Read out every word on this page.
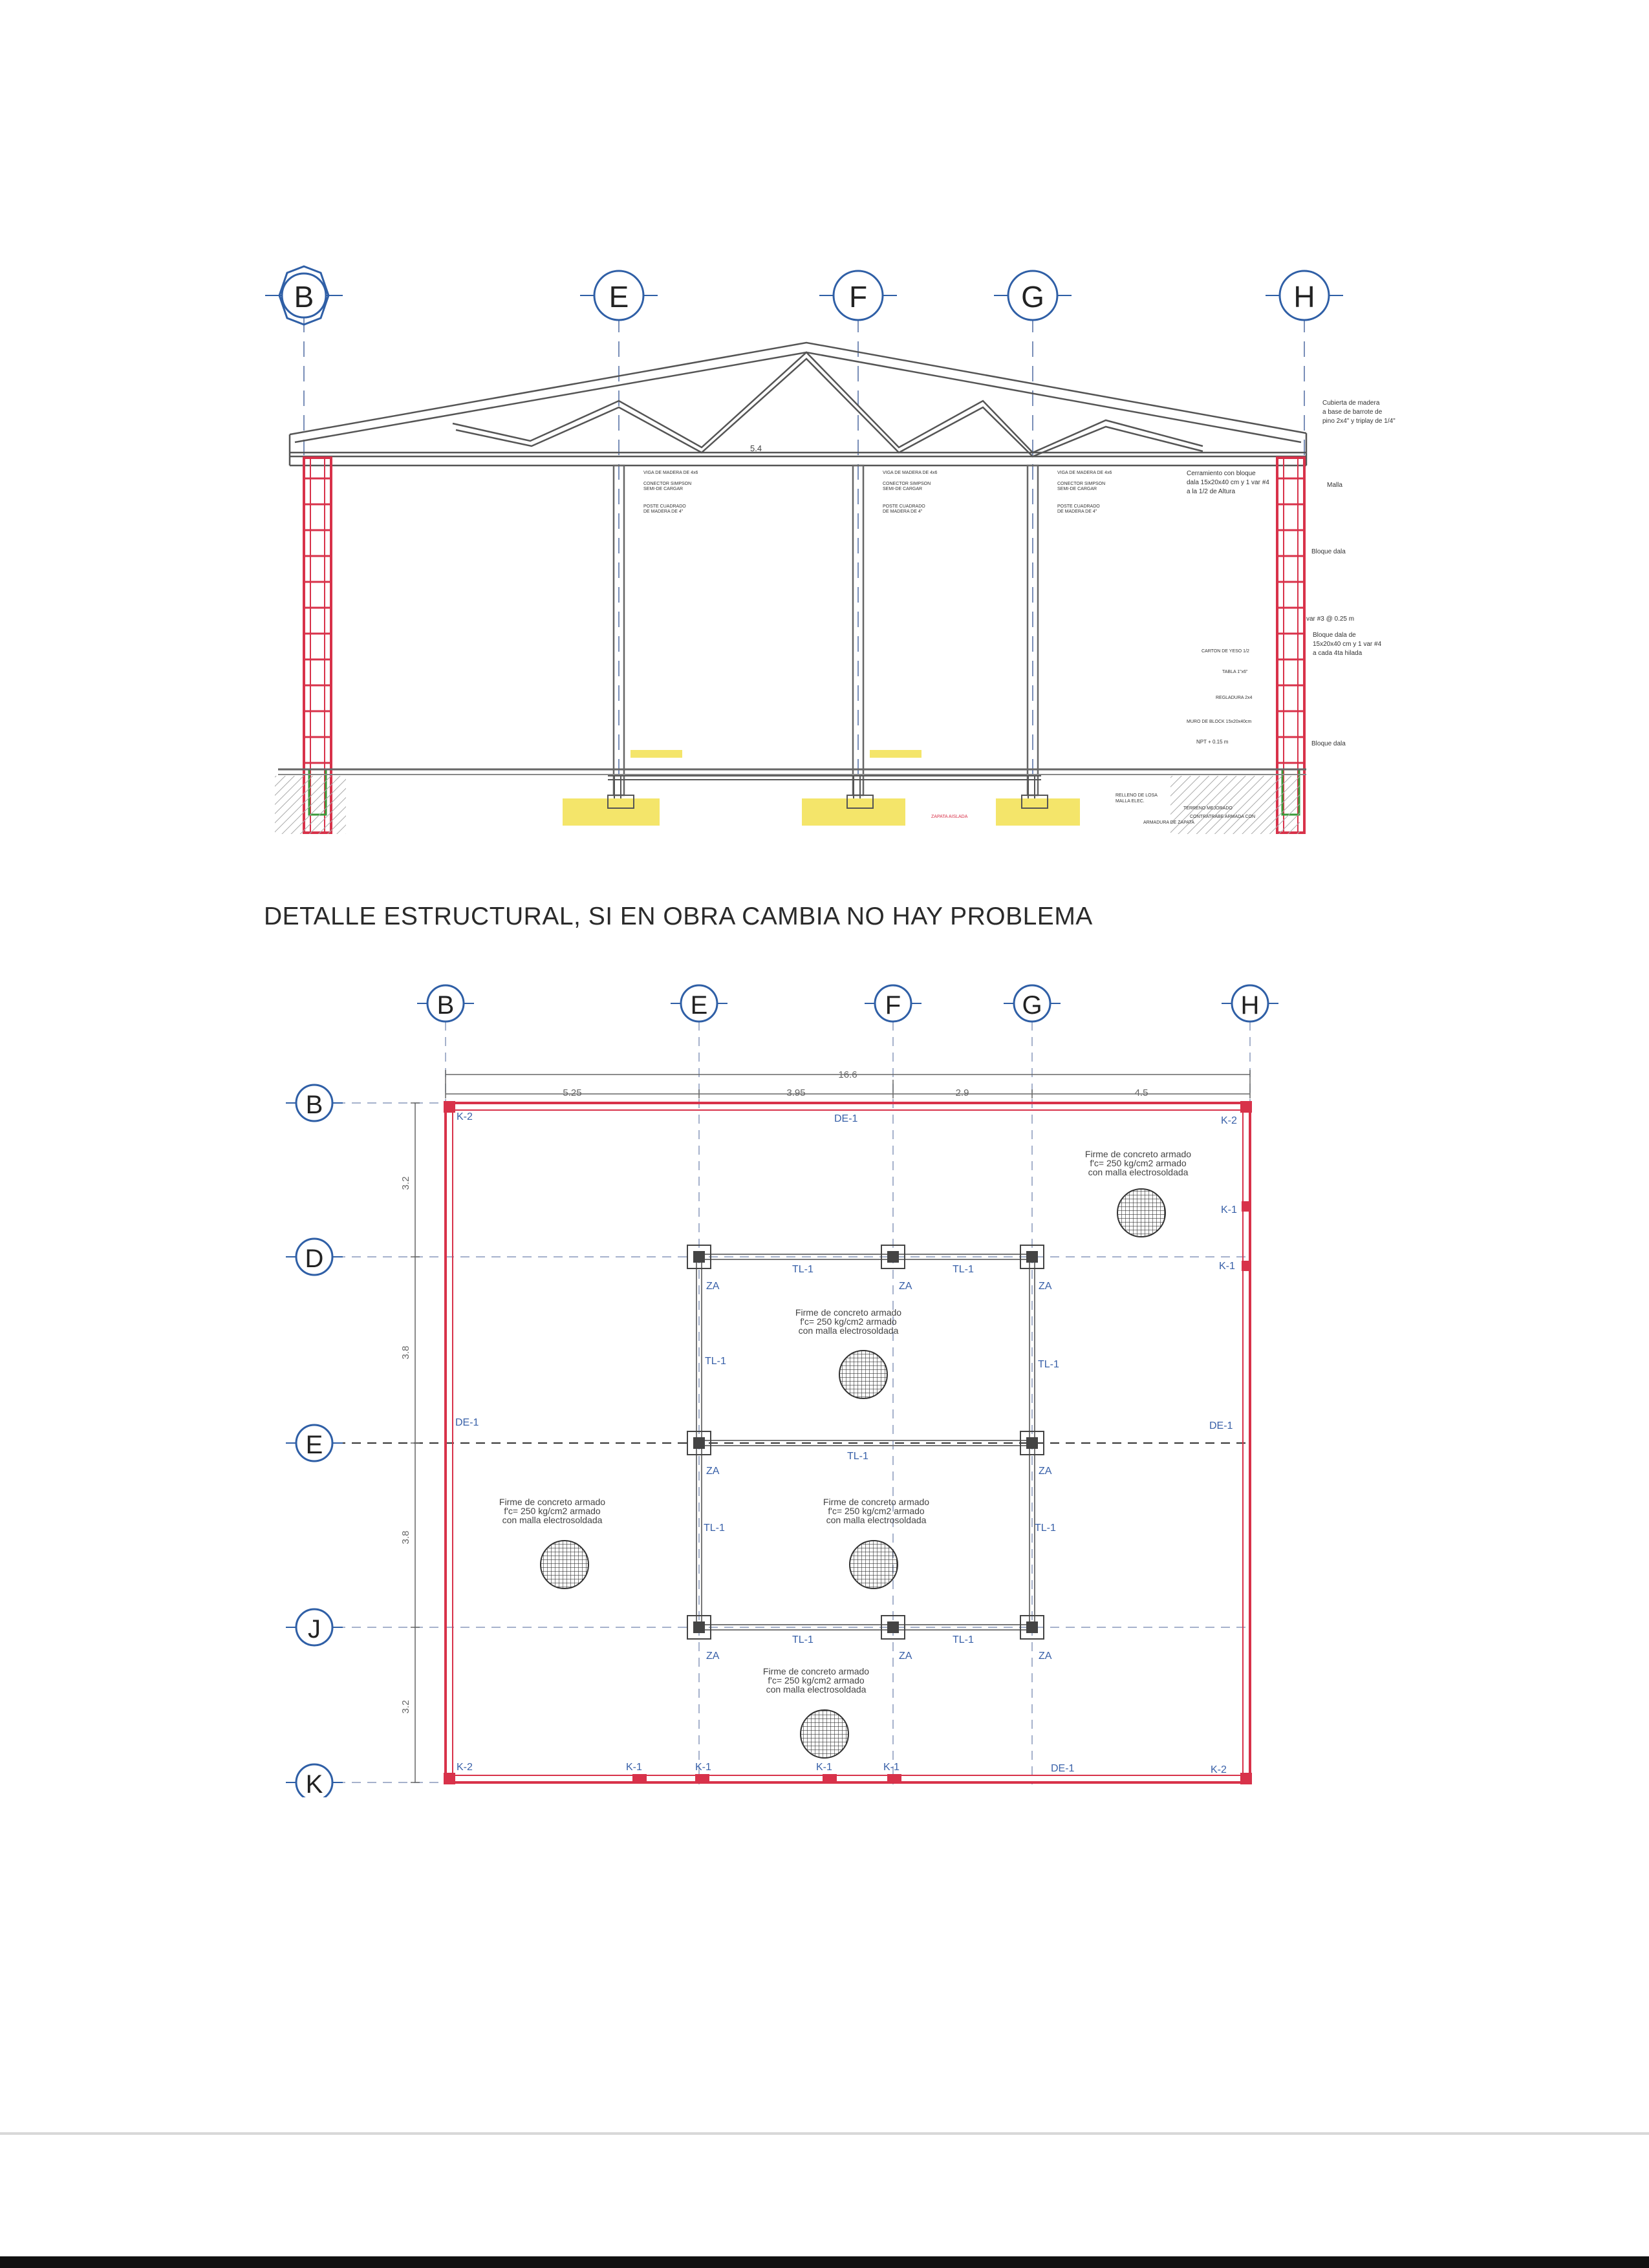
B	E	F	G	H
5.4
Cubierta de madera
a base de barrote de
pino 2x4" y triplay de 1/4"
VIGA DE MADERA DE 4x6
CONECTOR SIMPSON
SEMI-DE CARGAR
POSTE CUADRADO
DE MADERA DE 4"
VIGA DE MADERA DE 4x6
CONECTOR SIMPSON
SEMI-DE CARGAR
POSTE CUADRADO
DE MADERA DE 4"
VIGA DE MADERA DE 4x6
CONECTOR SIMPSON
SEMI-DE CARGAR
POSTE CUADRADO
DE MADERA DE 4"
Cerramiento con bloque
dala 15x20x40 cm y 1 var #4
a la 1/2 de Altura
Bloque dala
var #3 @ 0.25 m
Bloque dala de
15x20x40 cm y 1 var #4
a cada 4ta hilada
Bloque dala
CARTON DE YESO 1/2
TABLA 1"x6"
REGLADURA 2x4
MURO DE BLOCK 15x20x40cm
NPT + 0.15 m
Malla
ZAPATA AISLADA
RELLENO DE LOSA
MALLA ELEC.
TERRENO MEJORADO
CONTRATRABE ARMADA CON
ARMADURA DE ZAPATA
DETALLE ESTRUCTURAL, SI EN OBRA CAMBIA NO HAY PROBLEMA
B	E	F	G	H
B
D
E
J
K
16.6
5.25	3.95	2.9	4.5
3.2
3.8
3.8
3.2
K-2	K-2
K-2	K-2
DE-1
DE-1	DE-1
DE-1
K-1
K-1
K-1	K-1	K-1	K-1
ZA	ZA	ZA
ZA	ZA
ZA	ZA	ZA
TL-1	TL-1
TL-1
TL-1	TL-1
TL-1	TL-1
TL-1	TL-1
Firme de concreto armado
f'c= 250 kg/cm2 armado
con malla electrosoldada
Firme de concreto armado
f'c= 250 kg/cm2 armado
con malla electrosoldada
Firme de concreto armado
f'c= 250 kg/cm2 armado
con malla electrosoldada
Firme de concreto armado
f'c= 250 kg/cm2 armado
con malla electrosoldada
Firme de concreto armado
f'c= 250 kg/cm2 armado
con malla electrosoldada
